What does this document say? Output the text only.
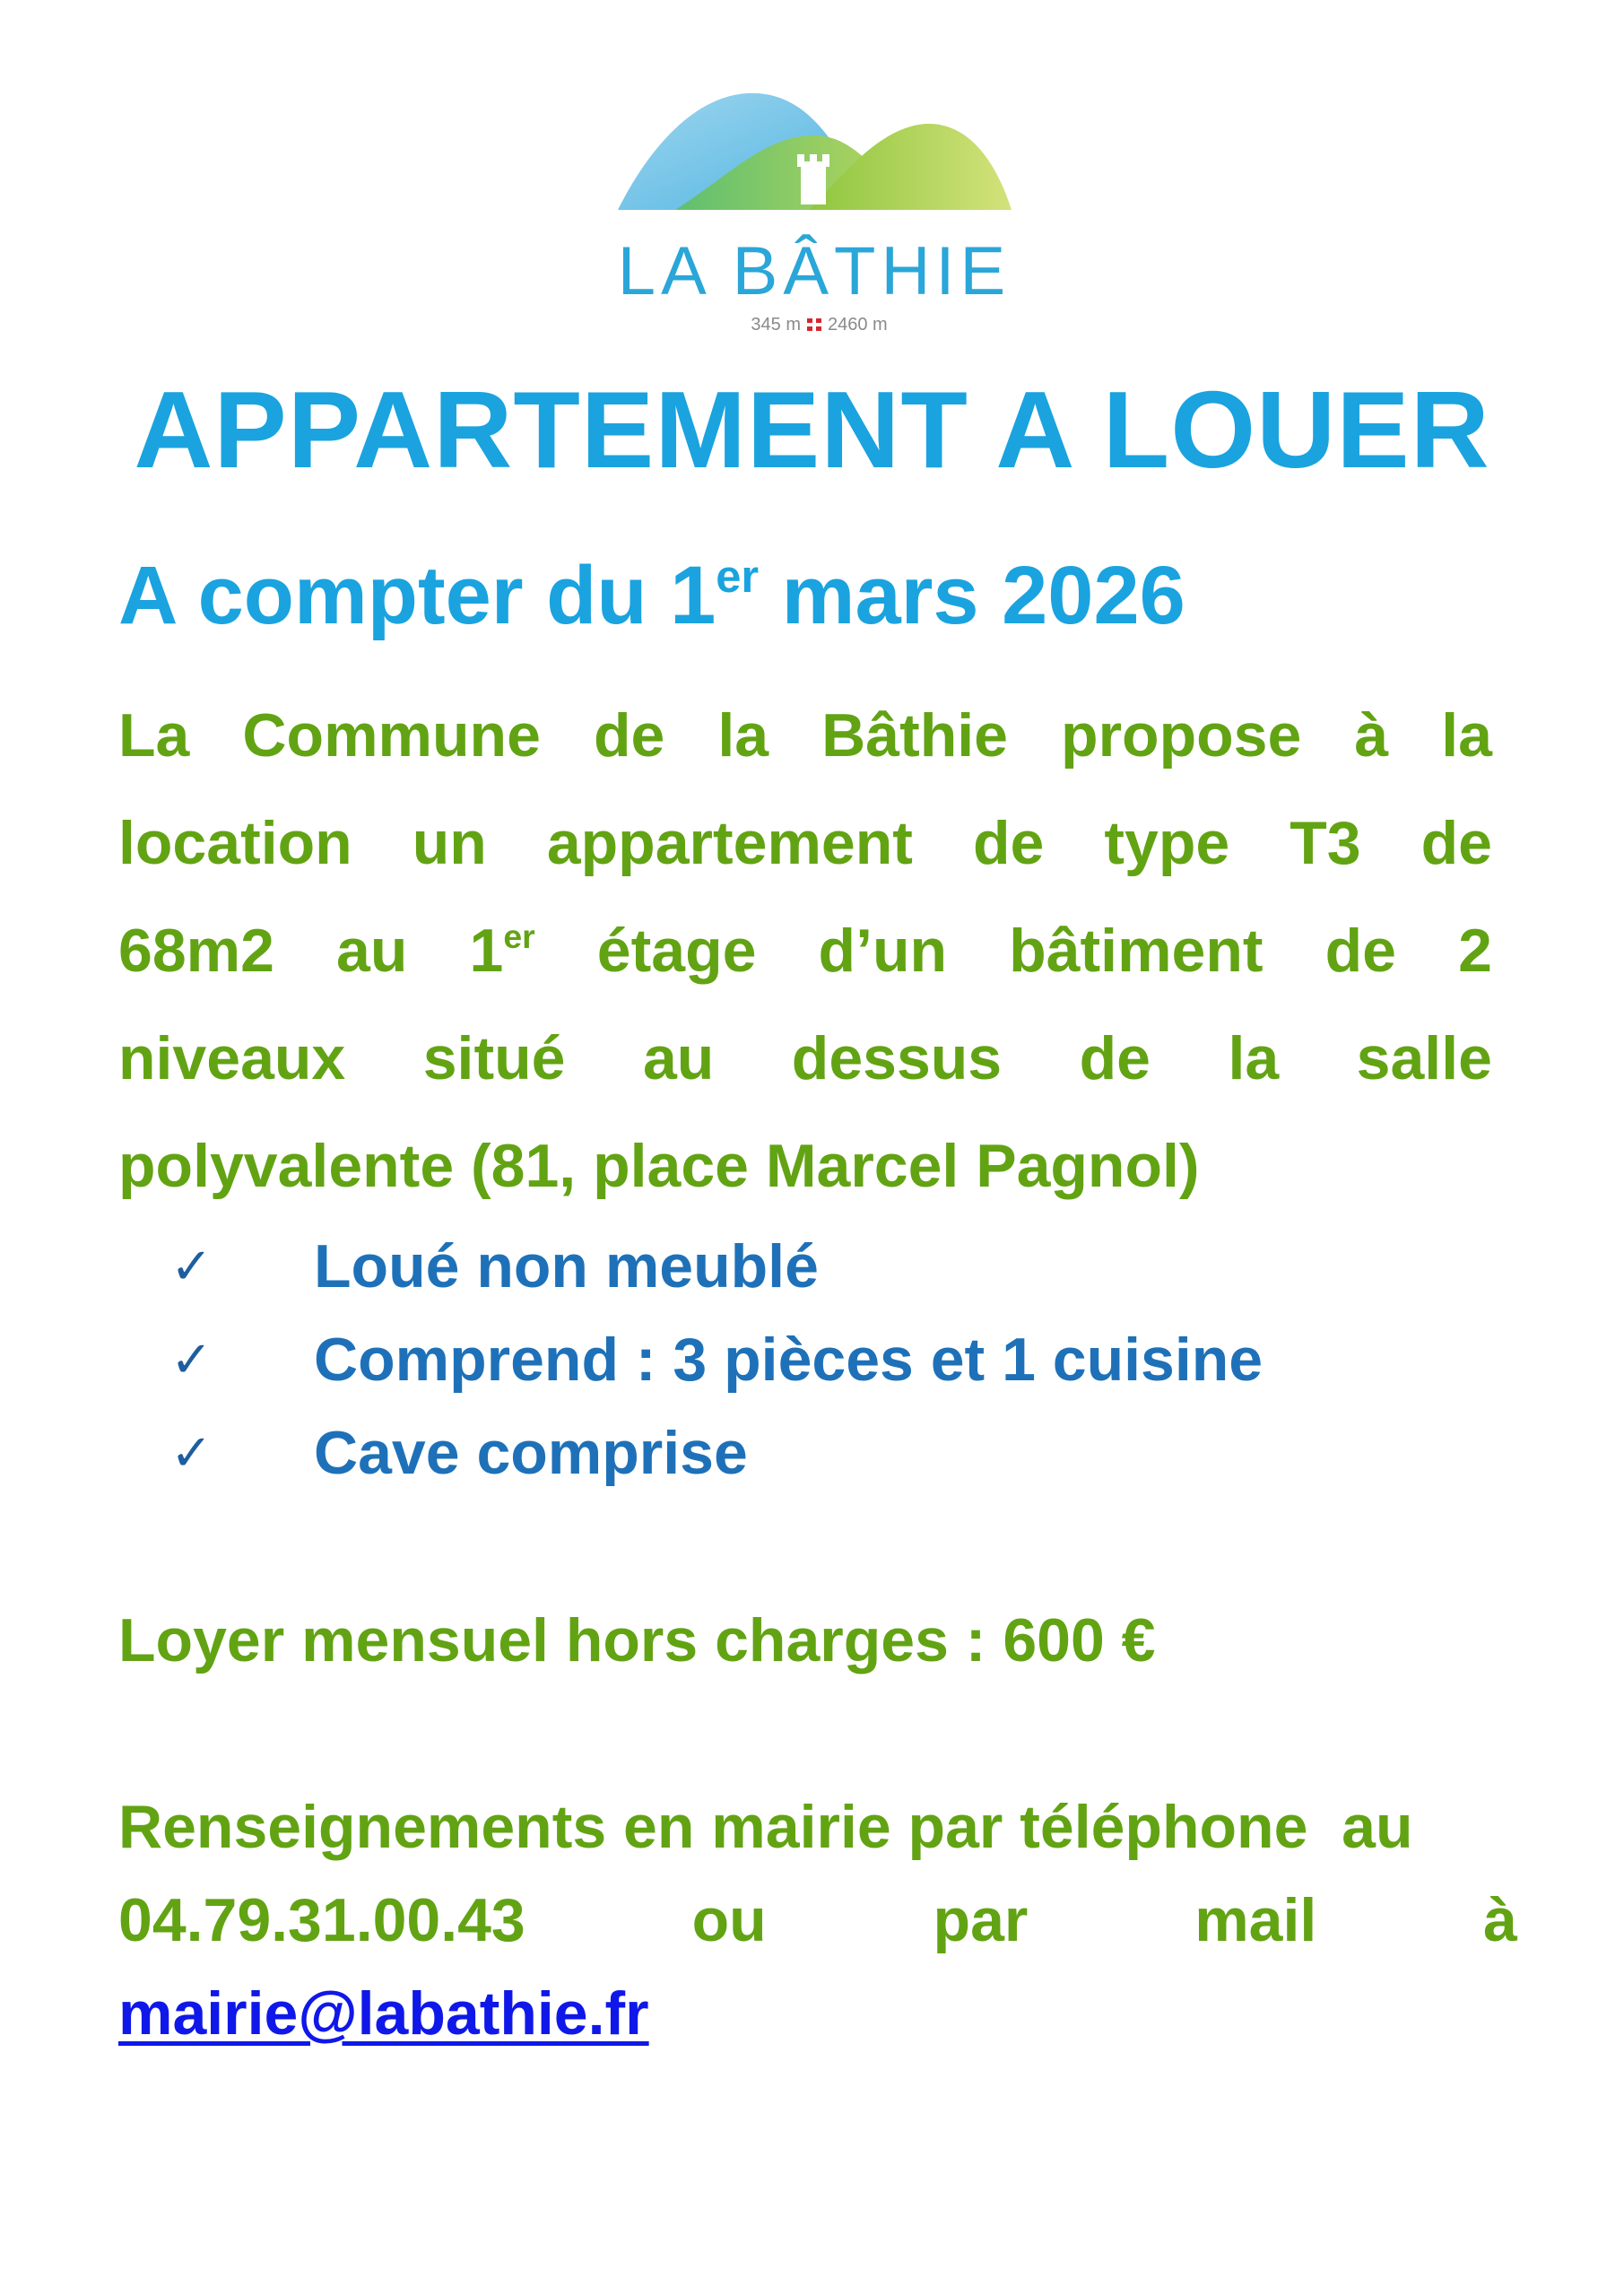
LA BÂTHIE
345 m 2460 m
APPARTEMENT A LOUER
A compter du 1er mars 2026
La Commune de la Bâthie propose à la
location un appartement de type T3 de
68m2 au 1er étage d’un bâtiment de 2
niveaux situé au dessus de la salle
polyvalente (81, place Marcel Pagnol)
✓	Loué non meublé
✓	Comprend : 3 pièces et 1 cuisine
✓	Cave comprise

Loyer mensuel hors charges : 600 €

Renseignements en mairie par téléphone  au
04.79.31.00.43	ou	par	mail	à
mairie@labathie.fr
